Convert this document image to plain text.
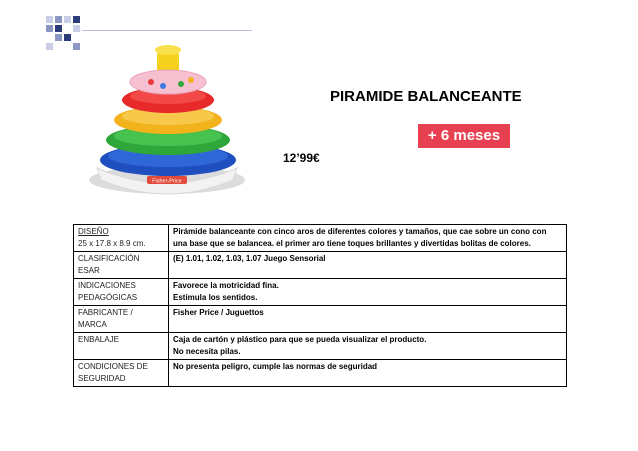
Fisher-Price
PIRAMIDE BALANCEANTE
+ 6 meses
12’99€
DISEÑO
25 x 17.8 x 8.9 cm.	Pirámide balanceante con cinco aros de diferentes colores y tamaños, que cae sobre un cono con una base que se balancea. el primer aro tiene toques brillantes y divertidas bolitas de colores.

CLASIFICACIÓN
ESAR	(E) 1.01, 1.02, 1.03, 1.07 Juego Sensorial

INDICACIONES
PEDAGÓGICAS	Favorece la motricidad fina.
Estimula los sentidos.

FABRICANTE /
MARCA	Fisher Price / Juguettos
ENBALAJE	Caja de cartón y plástico para que se pueda visualizar el producto.
No necesita pilas.

CONDICIONES DE
SEGURIDAD	No presenta peligro, cumple las normas de seguridad
